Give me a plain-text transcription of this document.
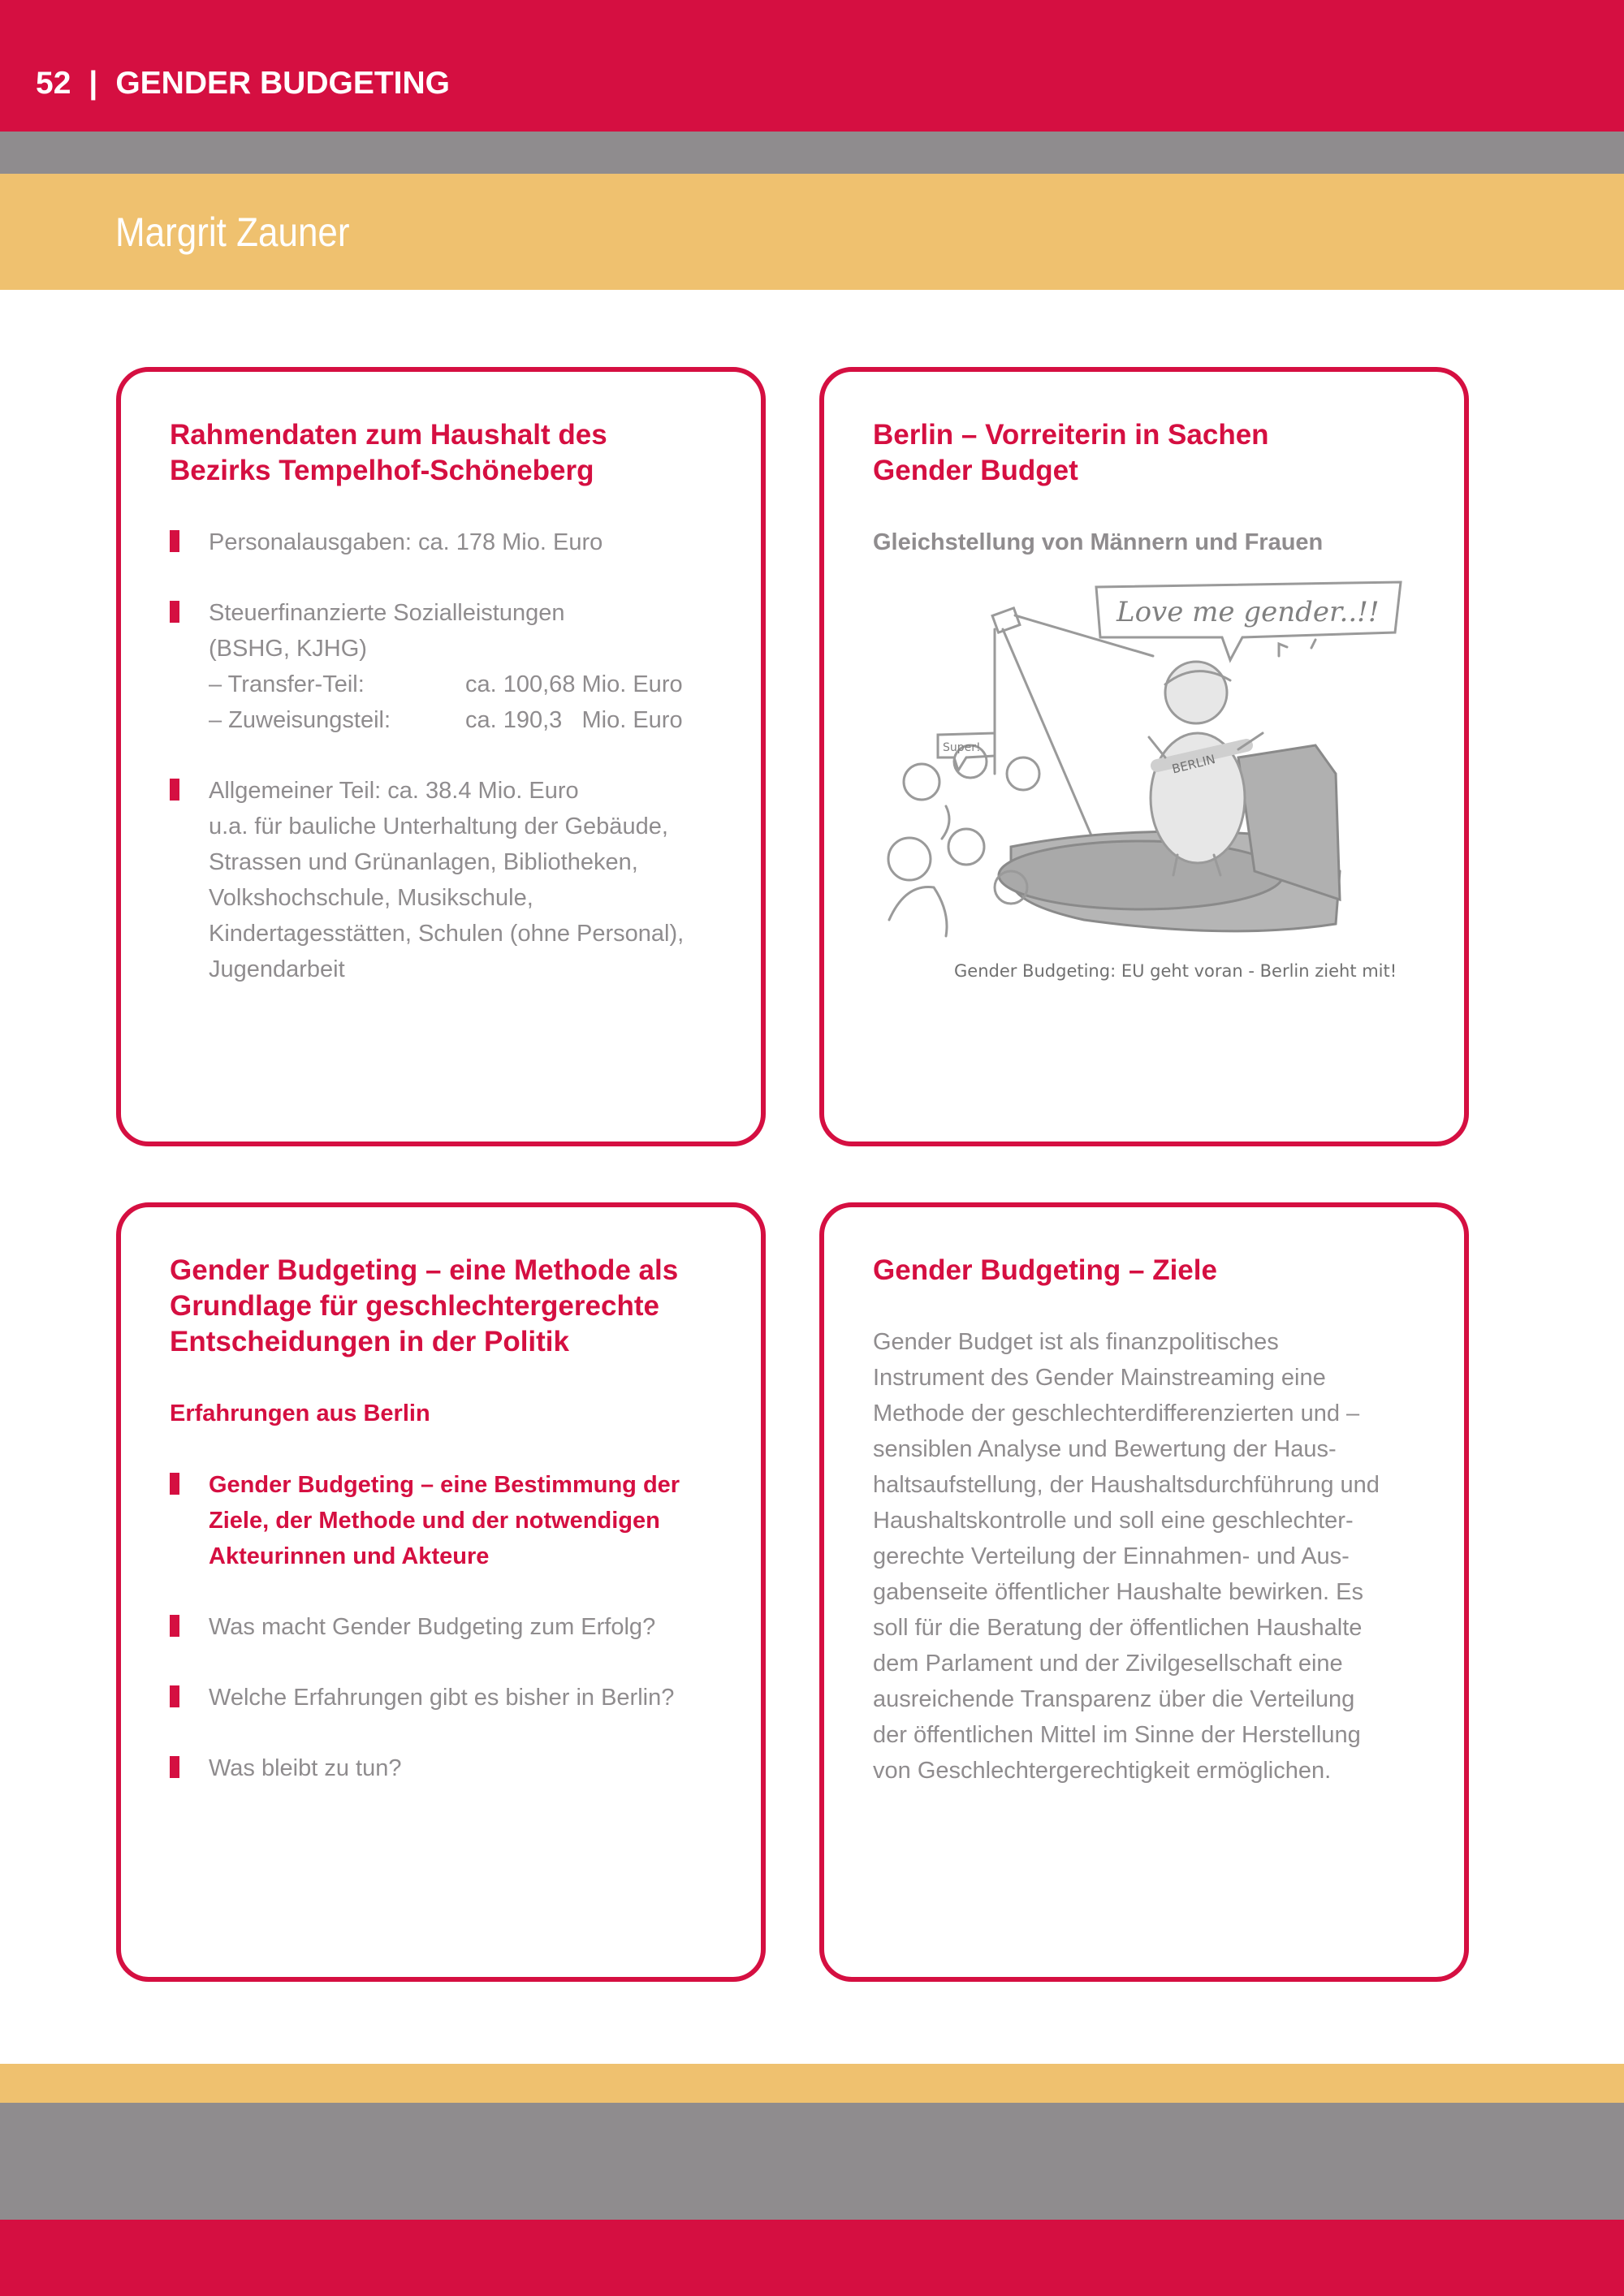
52 | GENDER BUDGETING
Margrit Zauner
Rahmendaten zum Haushalt des
Bezirks Tempelhof-Schöneberg
Personalausgaben: ca. 178 Mio. Euro
Steuerfinanzierte Sozialleistungen
(BSHG, KJHG)
– Transfer-Teil:	ca. 100,68 Mio. Euro
– Zuweisungsteil:	ca. 190,3   Mio. Euro
Allgemeiner Teil: ca. 38.4 Mio. Euro
u.a. für bauliche Unterhaltung der Gebäude,
Strassen und Grünanlagen, Bibliotheken,
Volkshochschule, Musikschule,
Kindertagesstätten, Schulen (ohne Personal),
Jugendarbeit
Berlin – Vorreiterin in Sachen
Gender Budget
Gleichstellung von Männern und Frauen
Love me gender..!!
Super!
BERLIN
Gender Budgeting: EU geht voran - Berlin zieht mit!
Gender Budgeting – eine Methode als
Grundlage für geschlechtergerechte
Entscheidungen in der Politik
Erfahrungen aus Berlin
Gender Budgeting – eine Bestimmung der
Ziele, der Methode und der notwendigen
Akteurinnen und Akteure
Was macht Gender Budgeting zum Erfolg?
Welche Erfahrungen gibt es bisher in Berlin?
Was bleibt zu tun?
Gender Budgeting – Ziele
Gender Budget ist als finanzpolitisches
Instrument des Gender Mainstreaming eine
Methode der geschlechterdifferenzierten und –
sensiblen Analyse und Bewertung der Haus-
haltsaufstellung, der Haushaltsdurchführung und
Haushaltskontrolle und soll eine geschlechter-
gerechte Verteilung der Einnahmen- und Aus-
gabenseite öffentlicher Haushalte bewirken. Es
soll für die Beratung der öffentlichen Haushalte
dem Parlament und der Zivilgesellschaft eine
ausreichende Transparenz über die Verteilung
der öffentlichen Mittel im Sinne der Herstellung
von Geschlechtergerechtigkeit ermöglichen.
